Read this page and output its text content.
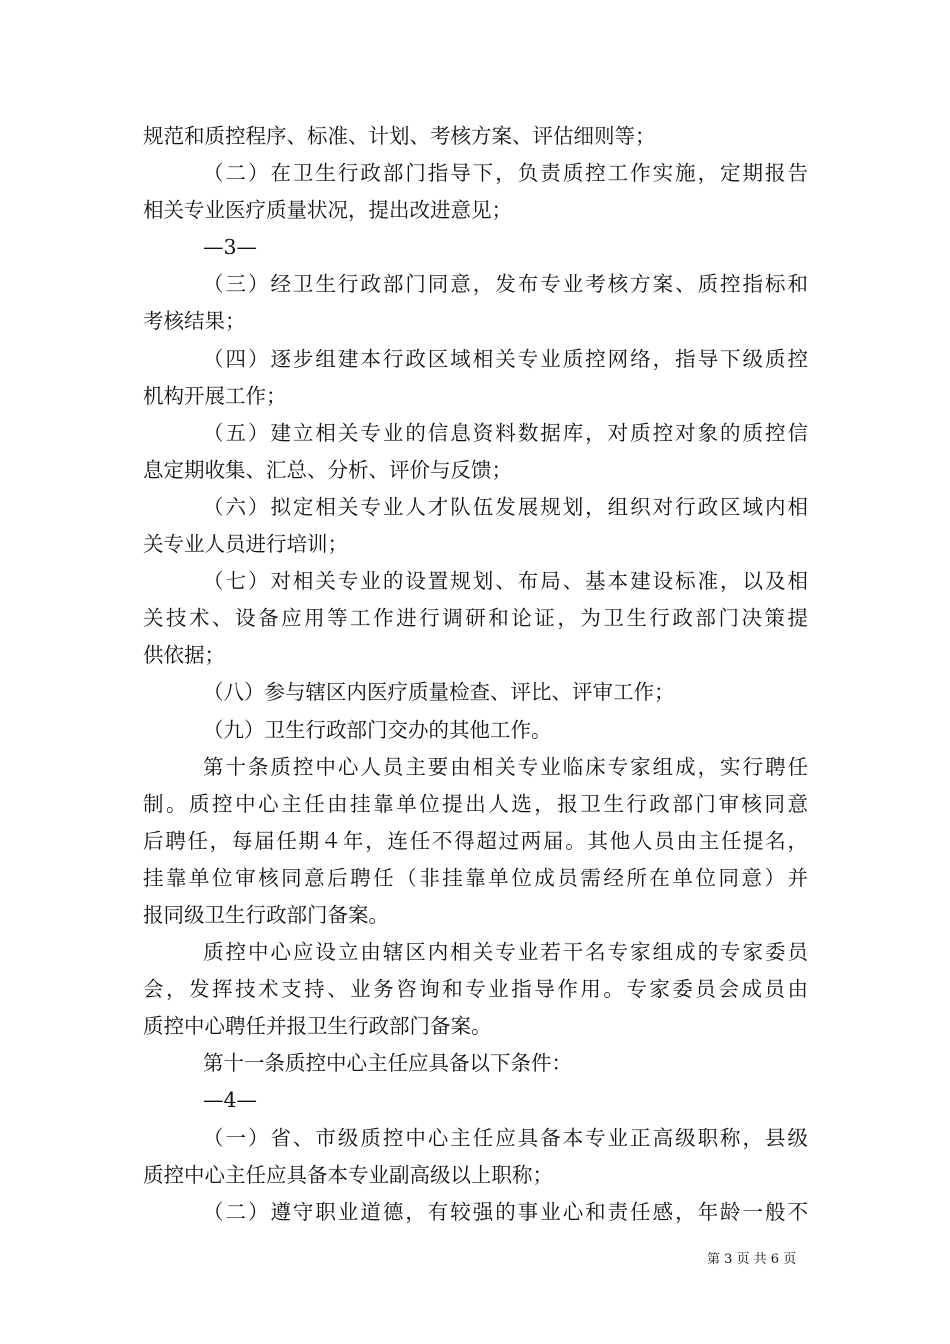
规范和质控程序、标准、计划、考核方案、评估细则等；
（二）在卫生行政部门指导下，负责质控工作实施，定期报告
相关专业医疗质量状况，提出改进意见；
—3—
（三）经卫生行政部门同意，发布专业考核方案、质控指标和
考核结果；
（四）逐步组建本行政区域相关专业质控网络，指导下级质控
机构开展工作；
（五）建立相关专业的信息资料数据库，对质控对象的质控信
息定期收集、汇总、分析、评价与反馈；
（六）拟定相关专业人才队伍发展规划，组织对行政区域内相
关专业人员进行培训；
（七）对相关专业的设置规划、布局、基本建设标准，以及相
关技术、设备应用等工作进行调研和论证，为卫生行政部门决策提
供依据；
（八）参与辖区内医疗质量检查、评比、评审工作；
（九）卫生行政部门交办的其他工作。
第十条质控中心人员主要由相关专业临床专家组成，实行聘任
制。质控中心主任由挂靠单位提出人选，报卫生行政部门审核同意
后聘任，每届任期４年，连任不得超过两届。其他人员由主任提名，
挂靠单位审核同意后聘任（非挂靠单位成员需经所在单位同意）并
报同级卫生行政部门备案。
质控中心应设立由辖区内相关专业若干名专家组成的专家委员
会，发挥技术支持、业务咨询和专业指导作用。专家委员会成员由
质控中心聘任并报卫生行政部门备案。
第十一条质控中心主任应具备以下条件：
—4—
（一）省、市级质控中心主任应具备本专业正高级职称，县级
质控中心主任应具备本专业副高级以上职称；
（二）遵守职业道德，有较强的事业心和责任感，年龄一般不
第 3 页 共 6 页
